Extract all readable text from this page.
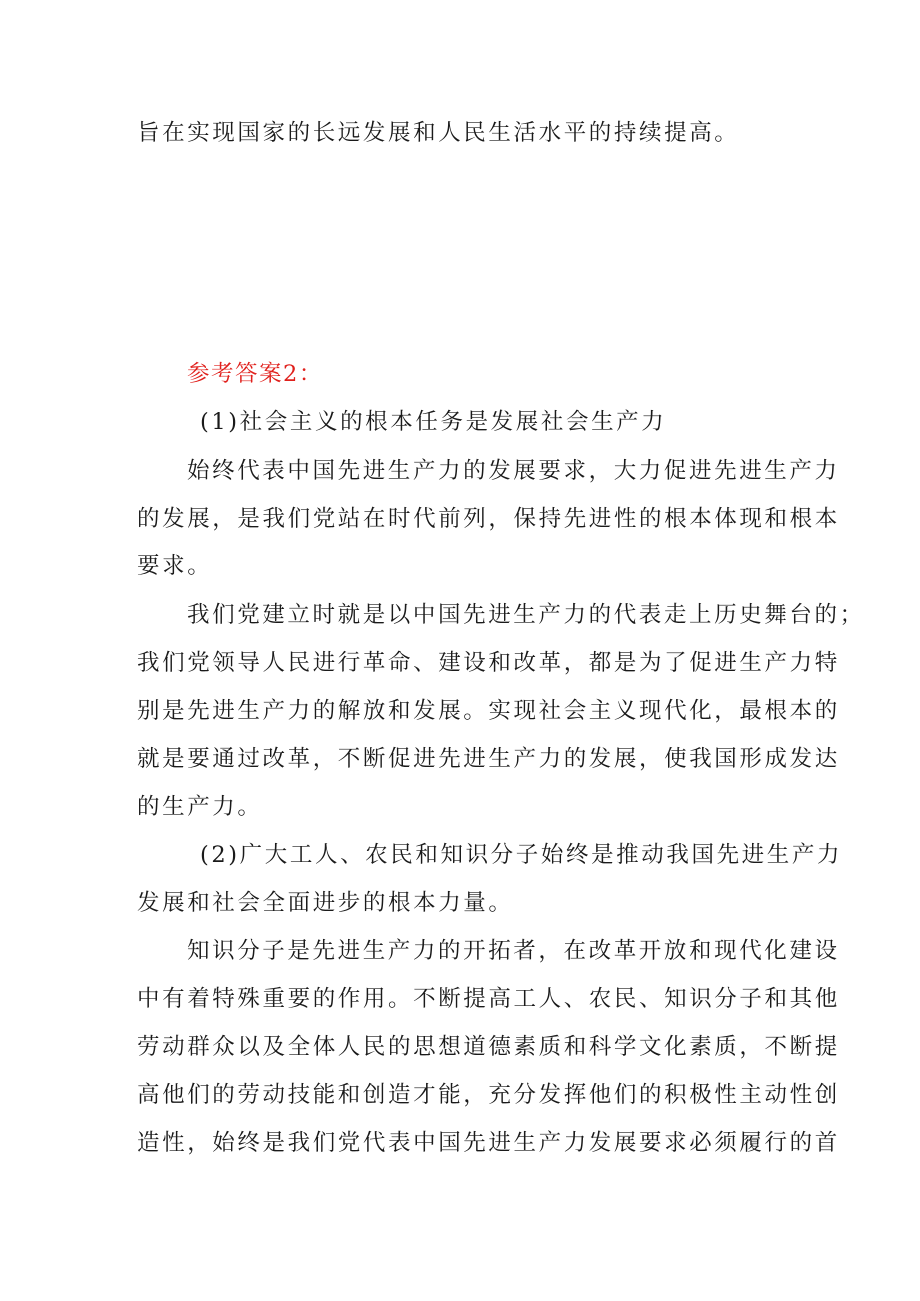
旨在实现国家的长远发展和人民生活水平的持续提高。
参考答案2：
(1)社会主义的根本任务是发展社会生产力
始终代表中国先进生产力的发展要求，大力促进先进生产力
的发展，是我们党站在时代前列，保持先进性的根本体现和根本
要求。
我们党建立时就是以中国先进生产力的代表走上历史舞台的；
我们党领导人民进行革命、建设和改革，都是为了促进生产力特
别是先进生产力的解放和发展。实现社会主义现代化，最根本的
就是要通过改革，不断促进先进生产力的发展，使我国形成发达
的生产力。
(2)广大工人、农民和知识分子始终是推动我国先进生产力
发展和社会全面进步的根本力量。
知识分子是先进生产力的开拓者，在改革开放和现代化建设
中有着特殊重要的作用。不断提高工人、农民、知识分子和其他
劳动群众以及全体人民的思想道德素质和科学文化素质，不断提
高他们的劳动技能和创造才能，充分发挥他们的积极性主动性创
造性，始终是我们党代表中国先进生产力发展要求必须履行的首
